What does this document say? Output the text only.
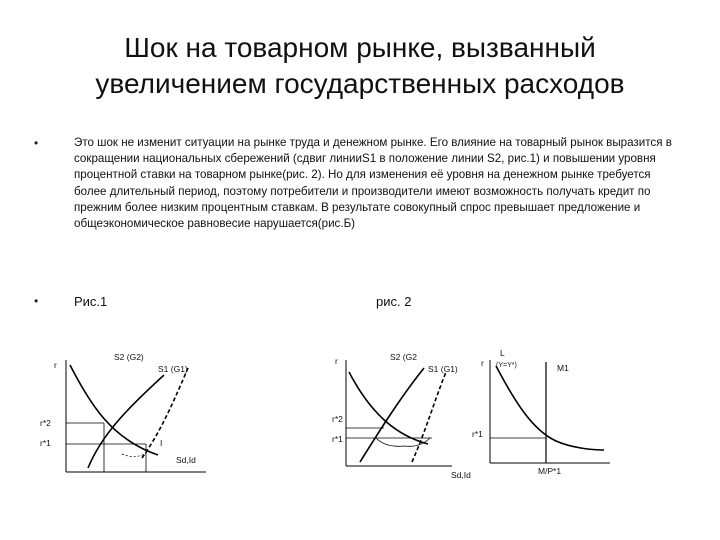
Шок на товарном рынке, вызванный
увеличением государственных расходов
•	Это шок не изменит ситуации на рынке труда и денежном рынке. Его влияние на товарный рынок выразится в сокращении национальных сбережений (сдвиг линииS1 в положение линии S2, рис.1) и повышении уровня процентной ставки на товарном рынке(рис. 2). Но для изменения её уровня на денежном рынке требуется более длительный период, поэтому потребители и производители имеют возможность получать кредит по прежним более низким процентным ставкам. В результате совокупный спрос превышает предложение и общеэкономическое равновесие нарушается(рис.Б)
•	Рис.1	рис. 2
r
S2 (G2)
S1 (G1)
r*2
r*1	I
Sd,Id
r	S2 (G2
S1 (G1)
r*2
r*1
Sd,Id
r
L
(Y=Y*)	M1
r*1
M/P*1
